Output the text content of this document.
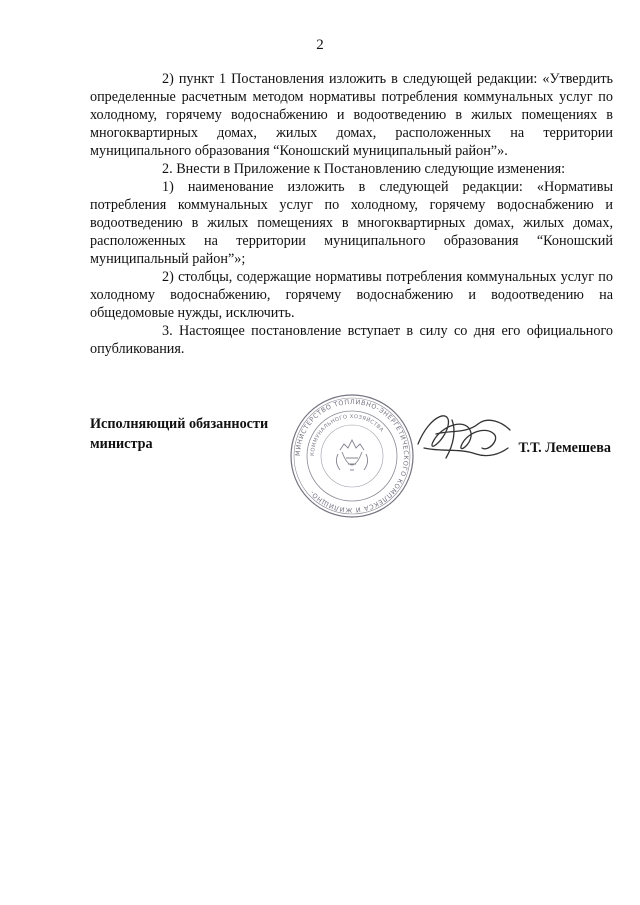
2

2) пункт 1 Постановления изложить в следующей редакции: «Утвердить определенные расчетным методом нормативы потребления коммунальных услуг по холодному, горячему водоснабжению и водоотведению в жилых помещениях в многоквартирных домах, жилых домах, расположенных на территории муниципального образования “Коношский муниципальный район”».

2. Внести в Приложение к Постановлению следующие изменения:

1) наименование изложить в следующей редакции: «Нормативы потребления коммунальных услуг по холодному, горячему водоснабжению и водоотведению в жилых помещениях в многоквартирных домах, жилых домах, расположенных на территории муниципального образования “Коношский муниципальный район”»;

2) столбцы, содержащие нормативы потребления коммунальных услуг по холодному водоснабжению, горячему водоснабжению и водоотведению на общедомовые нужды, исключить.

3. Настоящее постановление вступает в силу со дня его официального опубликования.

Исполняющий обязанности
министра
МИНИСТЕРСТВО ТОПЛИВНО-ЭНЕРГЕТИЧЕСКОГО КОМПЛЕКСА И ЖИЛИЩНО-
КОММУНАЛЬНОГО ХОЗЯЙСТВА
Т.Т. Лемешева
